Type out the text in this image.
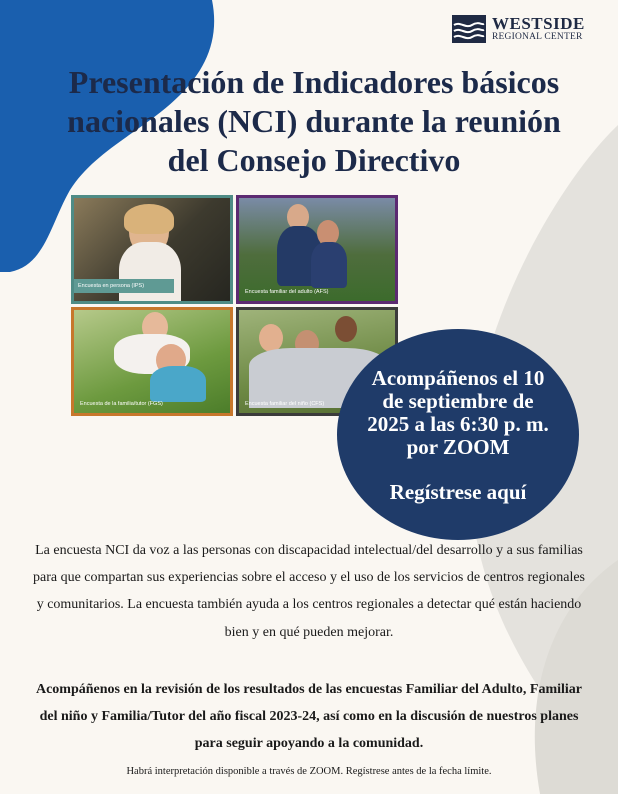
WESTSIDE
REGIONAL CENTER
Presentación de Indicadores básicos
nacionales (NCI) durante la reunión
del Consejo Directivo
Encuesta en persona (IPS)
Encuesta familiar del adulto (AFS)
Encuesta de la familia/tutor (FGS)	Encuesta familiar del niño (CFS)
Acompáñenos el 10
de septiembre de
2025 a las 6:30 p. m.
por ZOOM
Regístrese aquí

La encuesta NCI da voz a las personas con discapacidad intelectual/del desarrollo y a sus familias para que compartan sus experiencias sobre el acceso y el uso de los servicios de centros regionales y comunitarios. La encuesta también ayuda a los centros regionales a detectar qué están haciendo bien y en qué pueden mejorar.

Acompáñenos en la revisión de los resultados de las encuestas Familiar del Adulto, Familiar del niño y Familia/Tutor del año fiscal 2023-24, así como en la discusión de nuestros planes para seguir apoyando a la comunidad.

Habrá interpretación disponible a través de ZOOM. Regístrese antes de la fecha límite.
